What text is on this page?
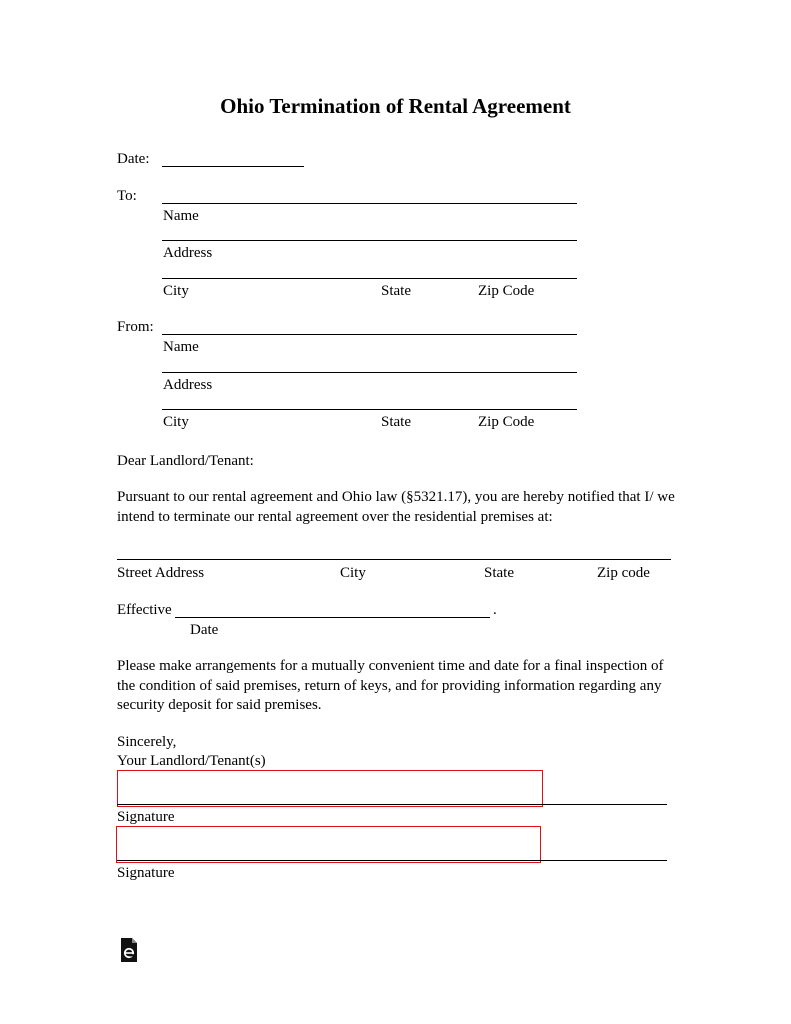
Ohio Termination of Rental Agreement
Date:
To:
Name
Address
City	State	Zip Code
From:
Name
Address
City	State	Zip Code
Dear Landlord/Tenant:
Pursuant to our rental agreement and Ohio law (§5321.17), you are hereby notified that I/ we intend to terminate our rental agreement over the residential premises at:
Street Address	City	State	Zip code
Effective	.
Date
Please make arrangements for a mutually convenient time and date for a final inspection of the condition of said premises, return of keys, and for providing information regarding any security deposit for said premises.
Sincerely,
Your Landlord/Tenant(s)
Signature
Signature
